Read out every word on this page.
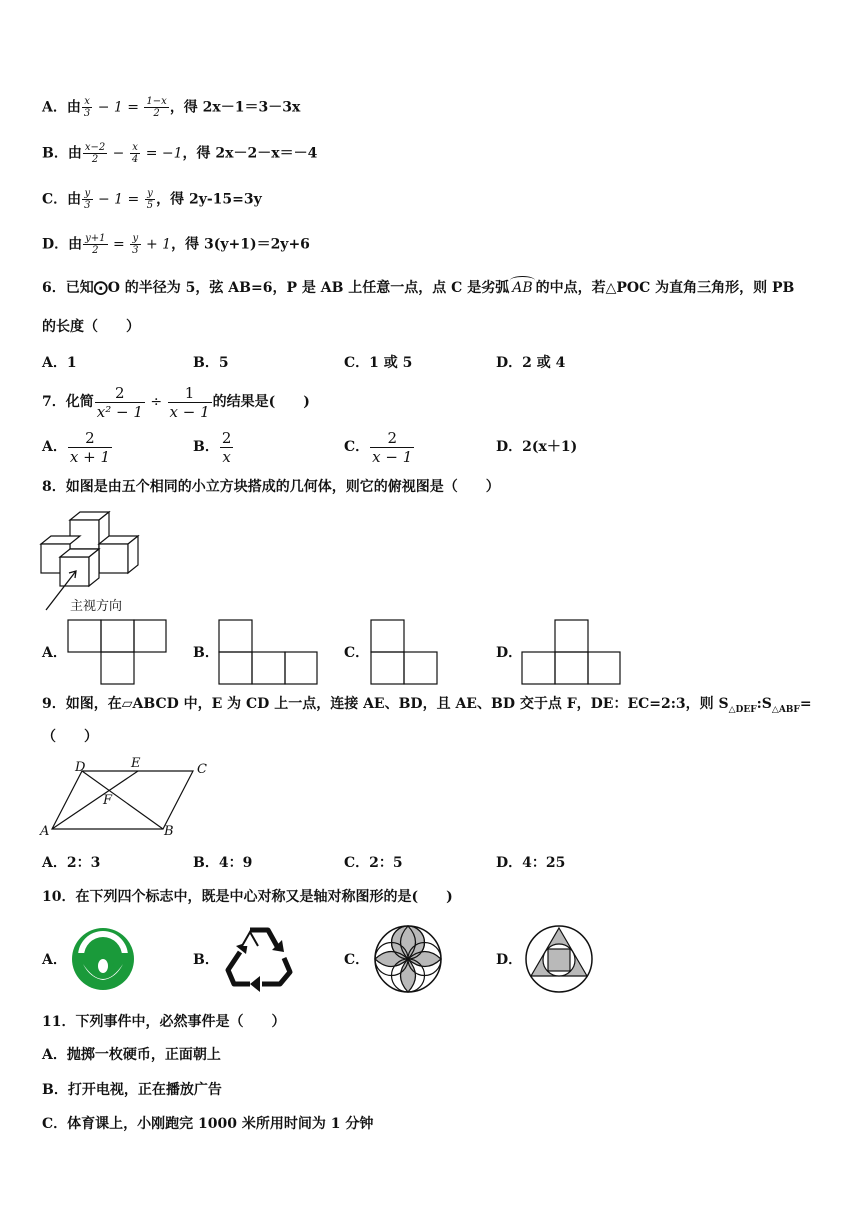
A．由 $\frac{x}{3} - 1 = \frac{1-x}{2}$ ，得 2x－1＝3－3x
B．由 $\frac{x-2}{2} - \frac{x}{4} = -1$，得 2x－2－x＝－4
C．由 $\frac{y}{3} - 1 = \frac{y}{5}$ ，得 2y-15=3y
D．由 $\frac{y+1}{2} = \frac{y}{3} + 1$，得 3(y+1)＝2y+6
6．已知⨀O 的半径为 5，弦 AB=6，P 是 AB 上任意一点，点 C 是劣弧 AB 的中点，若△POC 为直角三角形，则 PB
的长度（　　）
A．1	B．5	C．1 或 5	D．2 或 4
7．化简 $\frac{2}{\text{x² − 1}} \div \frac{1}{x - 1}$ 的结果是(　　)
A． $\frac{2}{x + 1}$	B． $\frac{2}{x}$	C． $\frac{2}{x - 1}$	D．2(x＋1)
8．如图是由五个相同的小立方块搭成的几何体，则它的俯视图是（　　）
主视方向
A．	B．	C．	D．
9．如图，在▱ABCD 中，E 为 CD 上一点，连接 AE、BD，且 AE、BD 交于点 F，DE：EC=2:3，则 $S_{\triangle DEF}:S_{\triangle ABF}=$
（　　）
D	E	C
F
A	B
A．2：3	B．4：9	C．2：5	D．4：25
10．在下列四个标志中，既是中心对称又是轴对称图形的是(　　)
A．	B．	C．	D．
11．下列事件中，必然事件是（　　）
A．抛掷一枚硬币，正面朝上
B．打开电视，正在播放广告
C．体育课上，小刚跑完 1000 米所用时间为 1 分钟
